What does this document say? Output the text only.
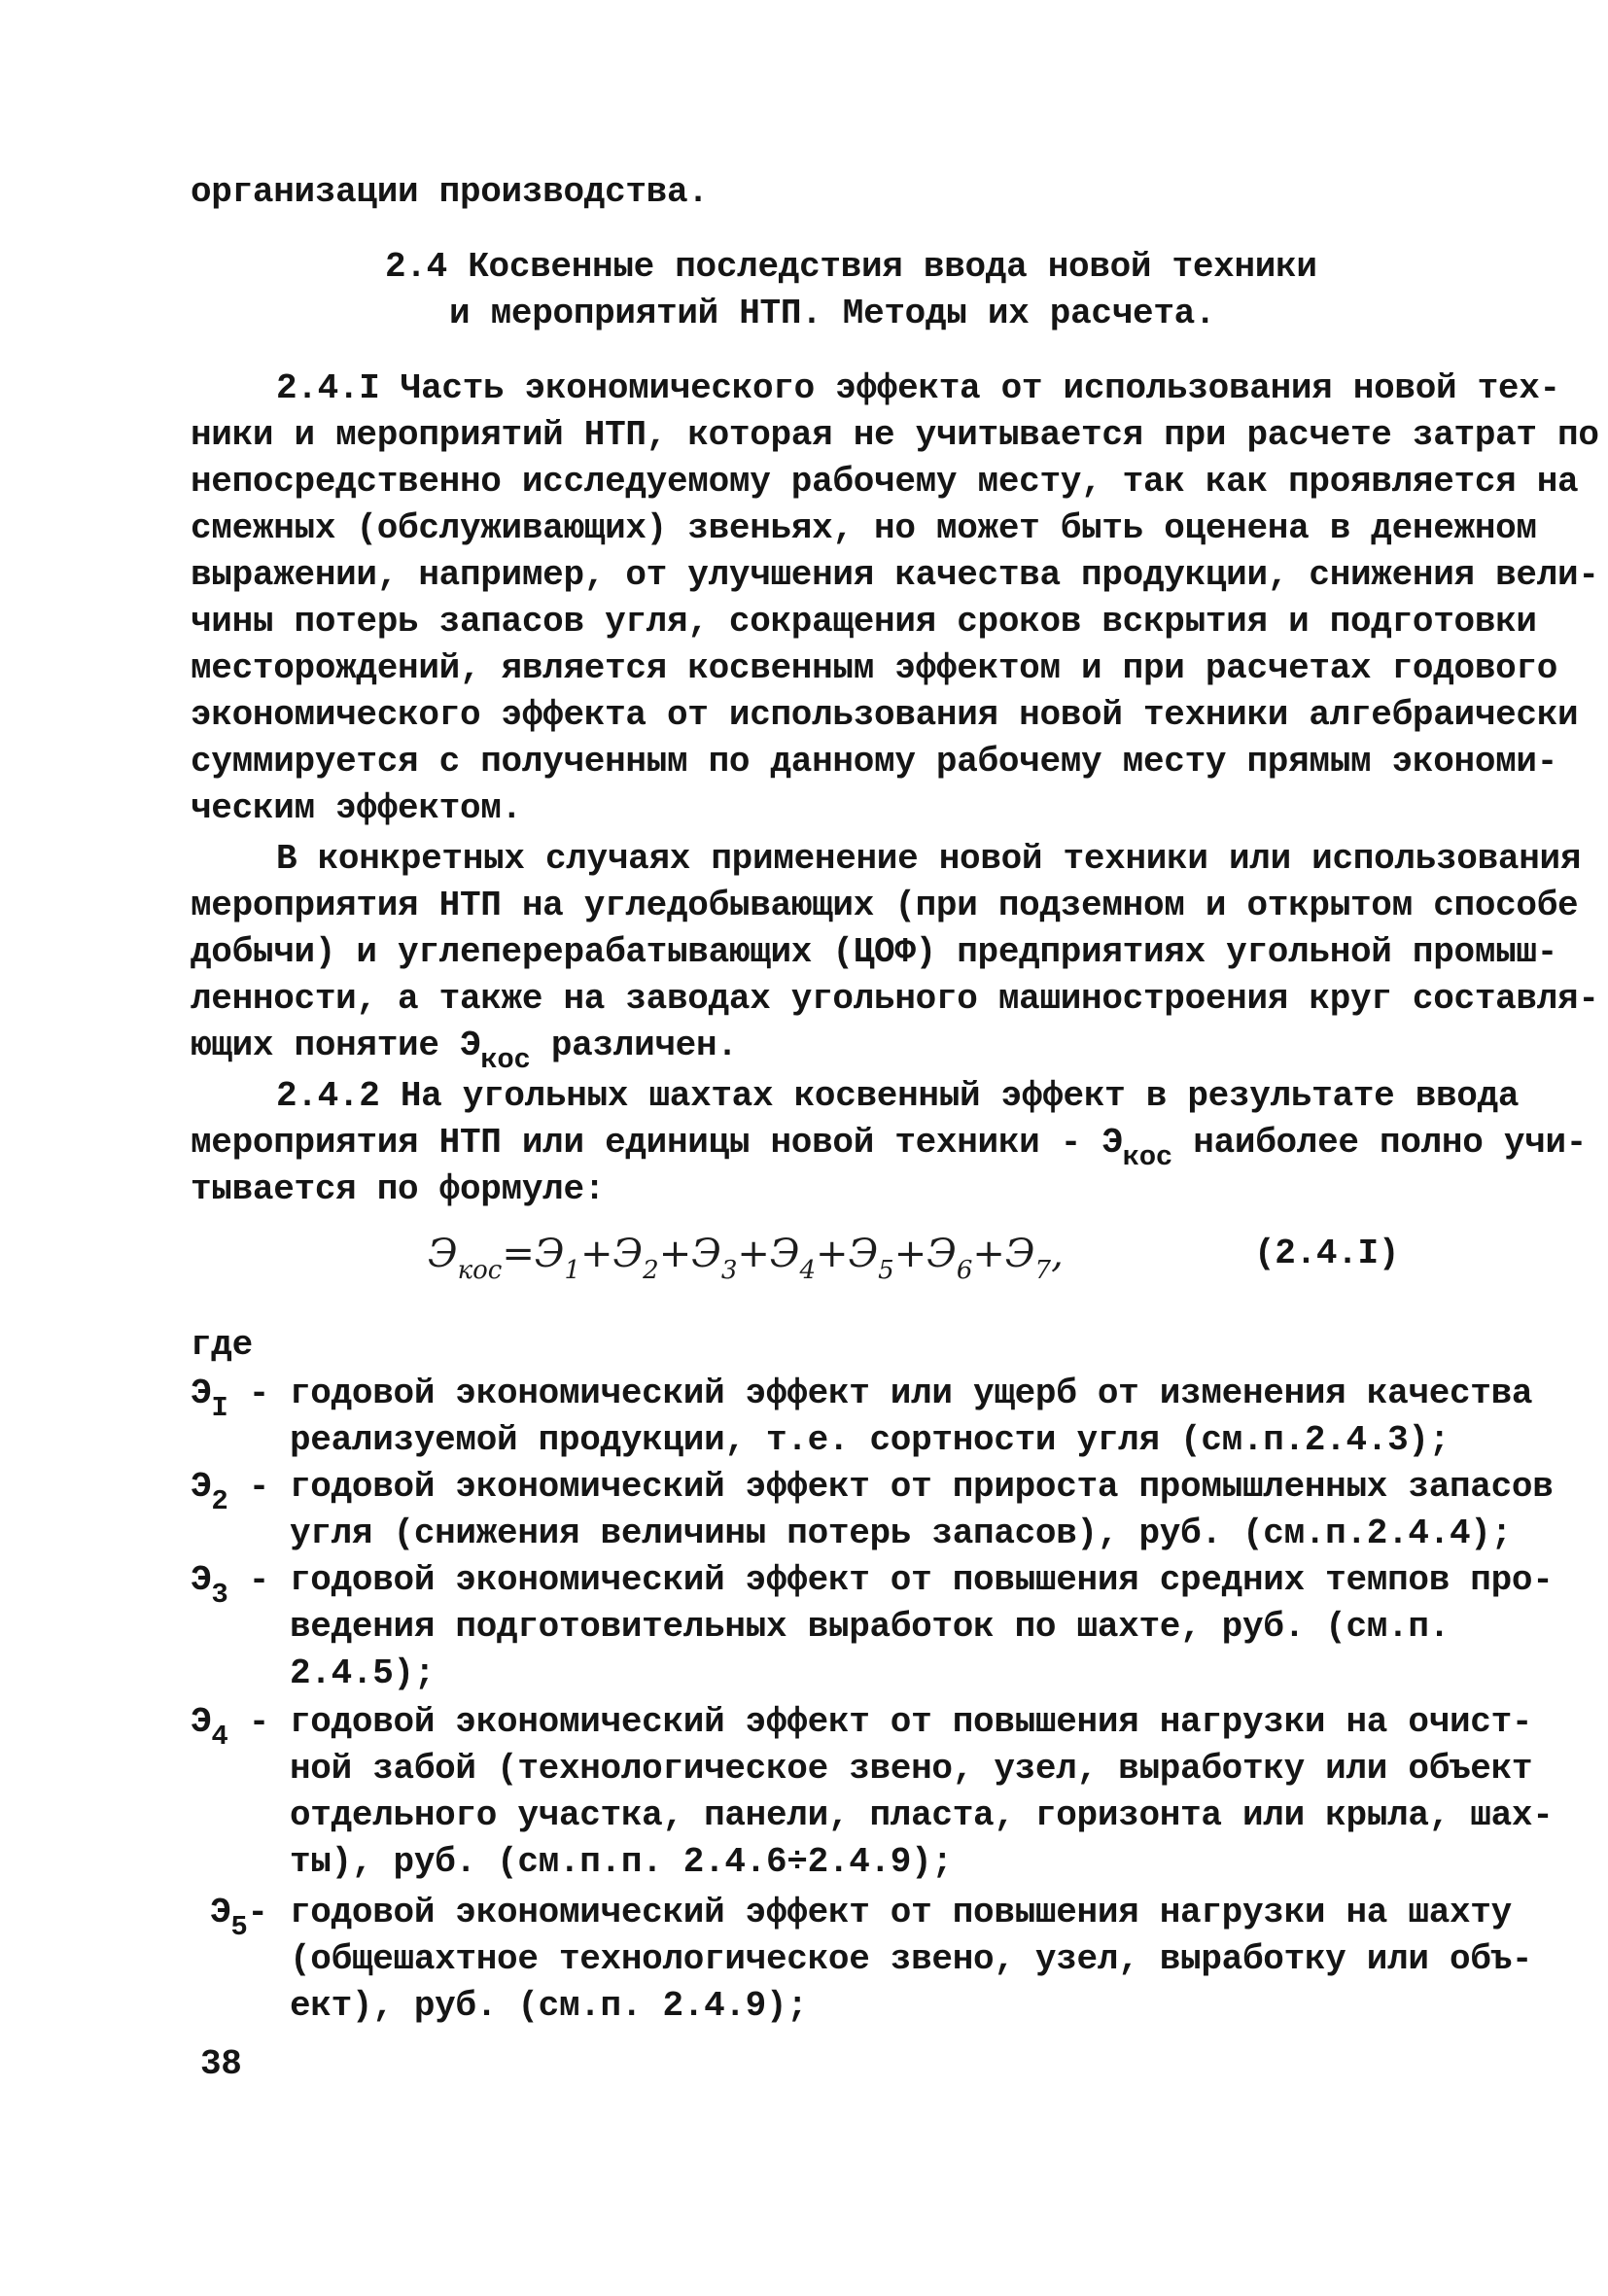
организации производства.
2.4 Косвенные последствия ввода новой техники
и мероприятий НТП. Методы их расчета.
2.4.I Часть экономического эффекта от использования новой тех-
ники и мероприятий НТП, которая не учитывается при расчете затрат по
непосредственно исследуемому рабочему месту, так как проявляется на
смежных (обслуживающих) звеньях, но может быть оценена в денежном
выражении, например, от улучшения качества продукции, снижения вели-
чины потерь запасов угля, сокращения сроков вскрытия и подготовки
месторождений, является косвенным эффектом и при расчетах годового
экономического эффекта от использования новой техники алгебраически
суммируется с полученным по данному рабочему месту прямым экономи-
ческим эффектом.
В конкретных случаях применение новой техники или использования
мероприятия НТП на угледобывающих (при подземном и открытом способе
добычи) и углеперерабатывающих (ЦОФ) предприятиях угольной промыш-
ленности, а также на заводах угольного машиностроения круг составля-
ющих понятие $Э_{кос}$ различен.
2.4.2 На угольных шахтах косвенный эффект в результате ввода
мероприятия НТП или единицы новой техники - $Э_{кос}$ наиболее полно учи-
тывается по формуле:
$Э_{кос}=Э_1+Э_2+Э_3+Э_4+Э_5+Э_6+Э_7$,	(2.4.I)
где
$Э_I$ - годовой экономический эффект или ущерб от изменения качества
реализуемой продукции, т.е. сортности угля (см.п.2.4.3);
$Э_2$ - годовой экономический эффект от прироста промышленных запасов
угля (снижения величины потерь запасов), руб. (см.п.2.4.4);
$Э_3$ - годовой экономический эффект от повышения средних темпов про-
ведения подготовительных выработок по шахте, руб. (см.п.
2.4.5);
$Э_4$ - годовой экономический эффект от повышения нагрузки на очист-
ной забой (технологическое звено, узел, выработку или объект
отдельного участка, панели, пласта, горизонта или крыла, шах-
ты), руб. (см.п.п. 2.4.6÷2.4.9);
$Э_5-$ годовой экономический эффект от повышения нагрузки на шахту
(общешахтное технологическое звено, узел, выработку или объ-
ект), руб. (см.п. 2.4.9);
38
